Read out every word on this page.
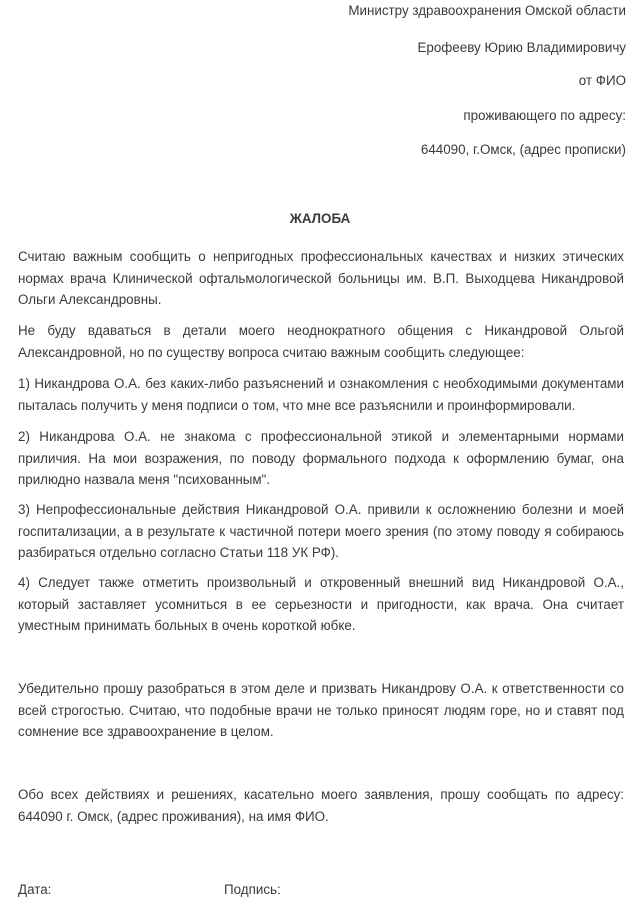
Министру здравоохранения Омской области
Ерофееву Юрию Владимировичу
от ФИО
проживающего по адресу:
644090, г.Омск, (адрес прописки)
ЖАЛОБА
Считаю важным сообщить о непригодных профессиональных качествах и низких этических нормах врача Клинической офтальмологической больницы им. В.П. Выходцева Никандровой Ольги Александровны.
Не буду вдаваться в детали моего неоднократного общения с Никандровой Ольгой Александровной, но по существу вопроса считаю важным сообщить следующее:
1) Никандрова О.А. без каких-либо разъяснений и ознакомления с необходимыми документами пыталась получить у меня подписи о том, что мне все разъяснили и проинформировали.
2) Никандрова О.А. не знакома с профессиональной этикой и элементарными нормами приличия. На мои возражения, по поводу формального подхода к оформлению бумаг, она прилюдно назвала меня "психованным".
3) Непрофессиональные действия Никандровой О.А. привили к осложнению болезни и моей госпитализации, а в результате к частичной потери моего зрения (по этому поводу я собираюсь разбираться отдельно согласно Статьи 118 УК РФ).
4) Следует также отметить произвольный и откровенный внешний вид Никандровой О.А., который заставляет усомниться в ее серьезности и пригодности, как врача. Она считает уместным принимать больных в очень короткой юбке.
Убедительно прошу разобраться в этом деле и призвать Никандрову О.А. к ответственности со всей строгостью. Считаю, что подобные врачи не только приносят людям горе, но и ставят под сомнение все здравоохранение в целом.
Обо всех действиях и решениях, касательно моего заявления, прошу сообщать по адресу: 644090 г. Омск, (адрес проживания), на имя ФИО.
Дата:	Подпись:
